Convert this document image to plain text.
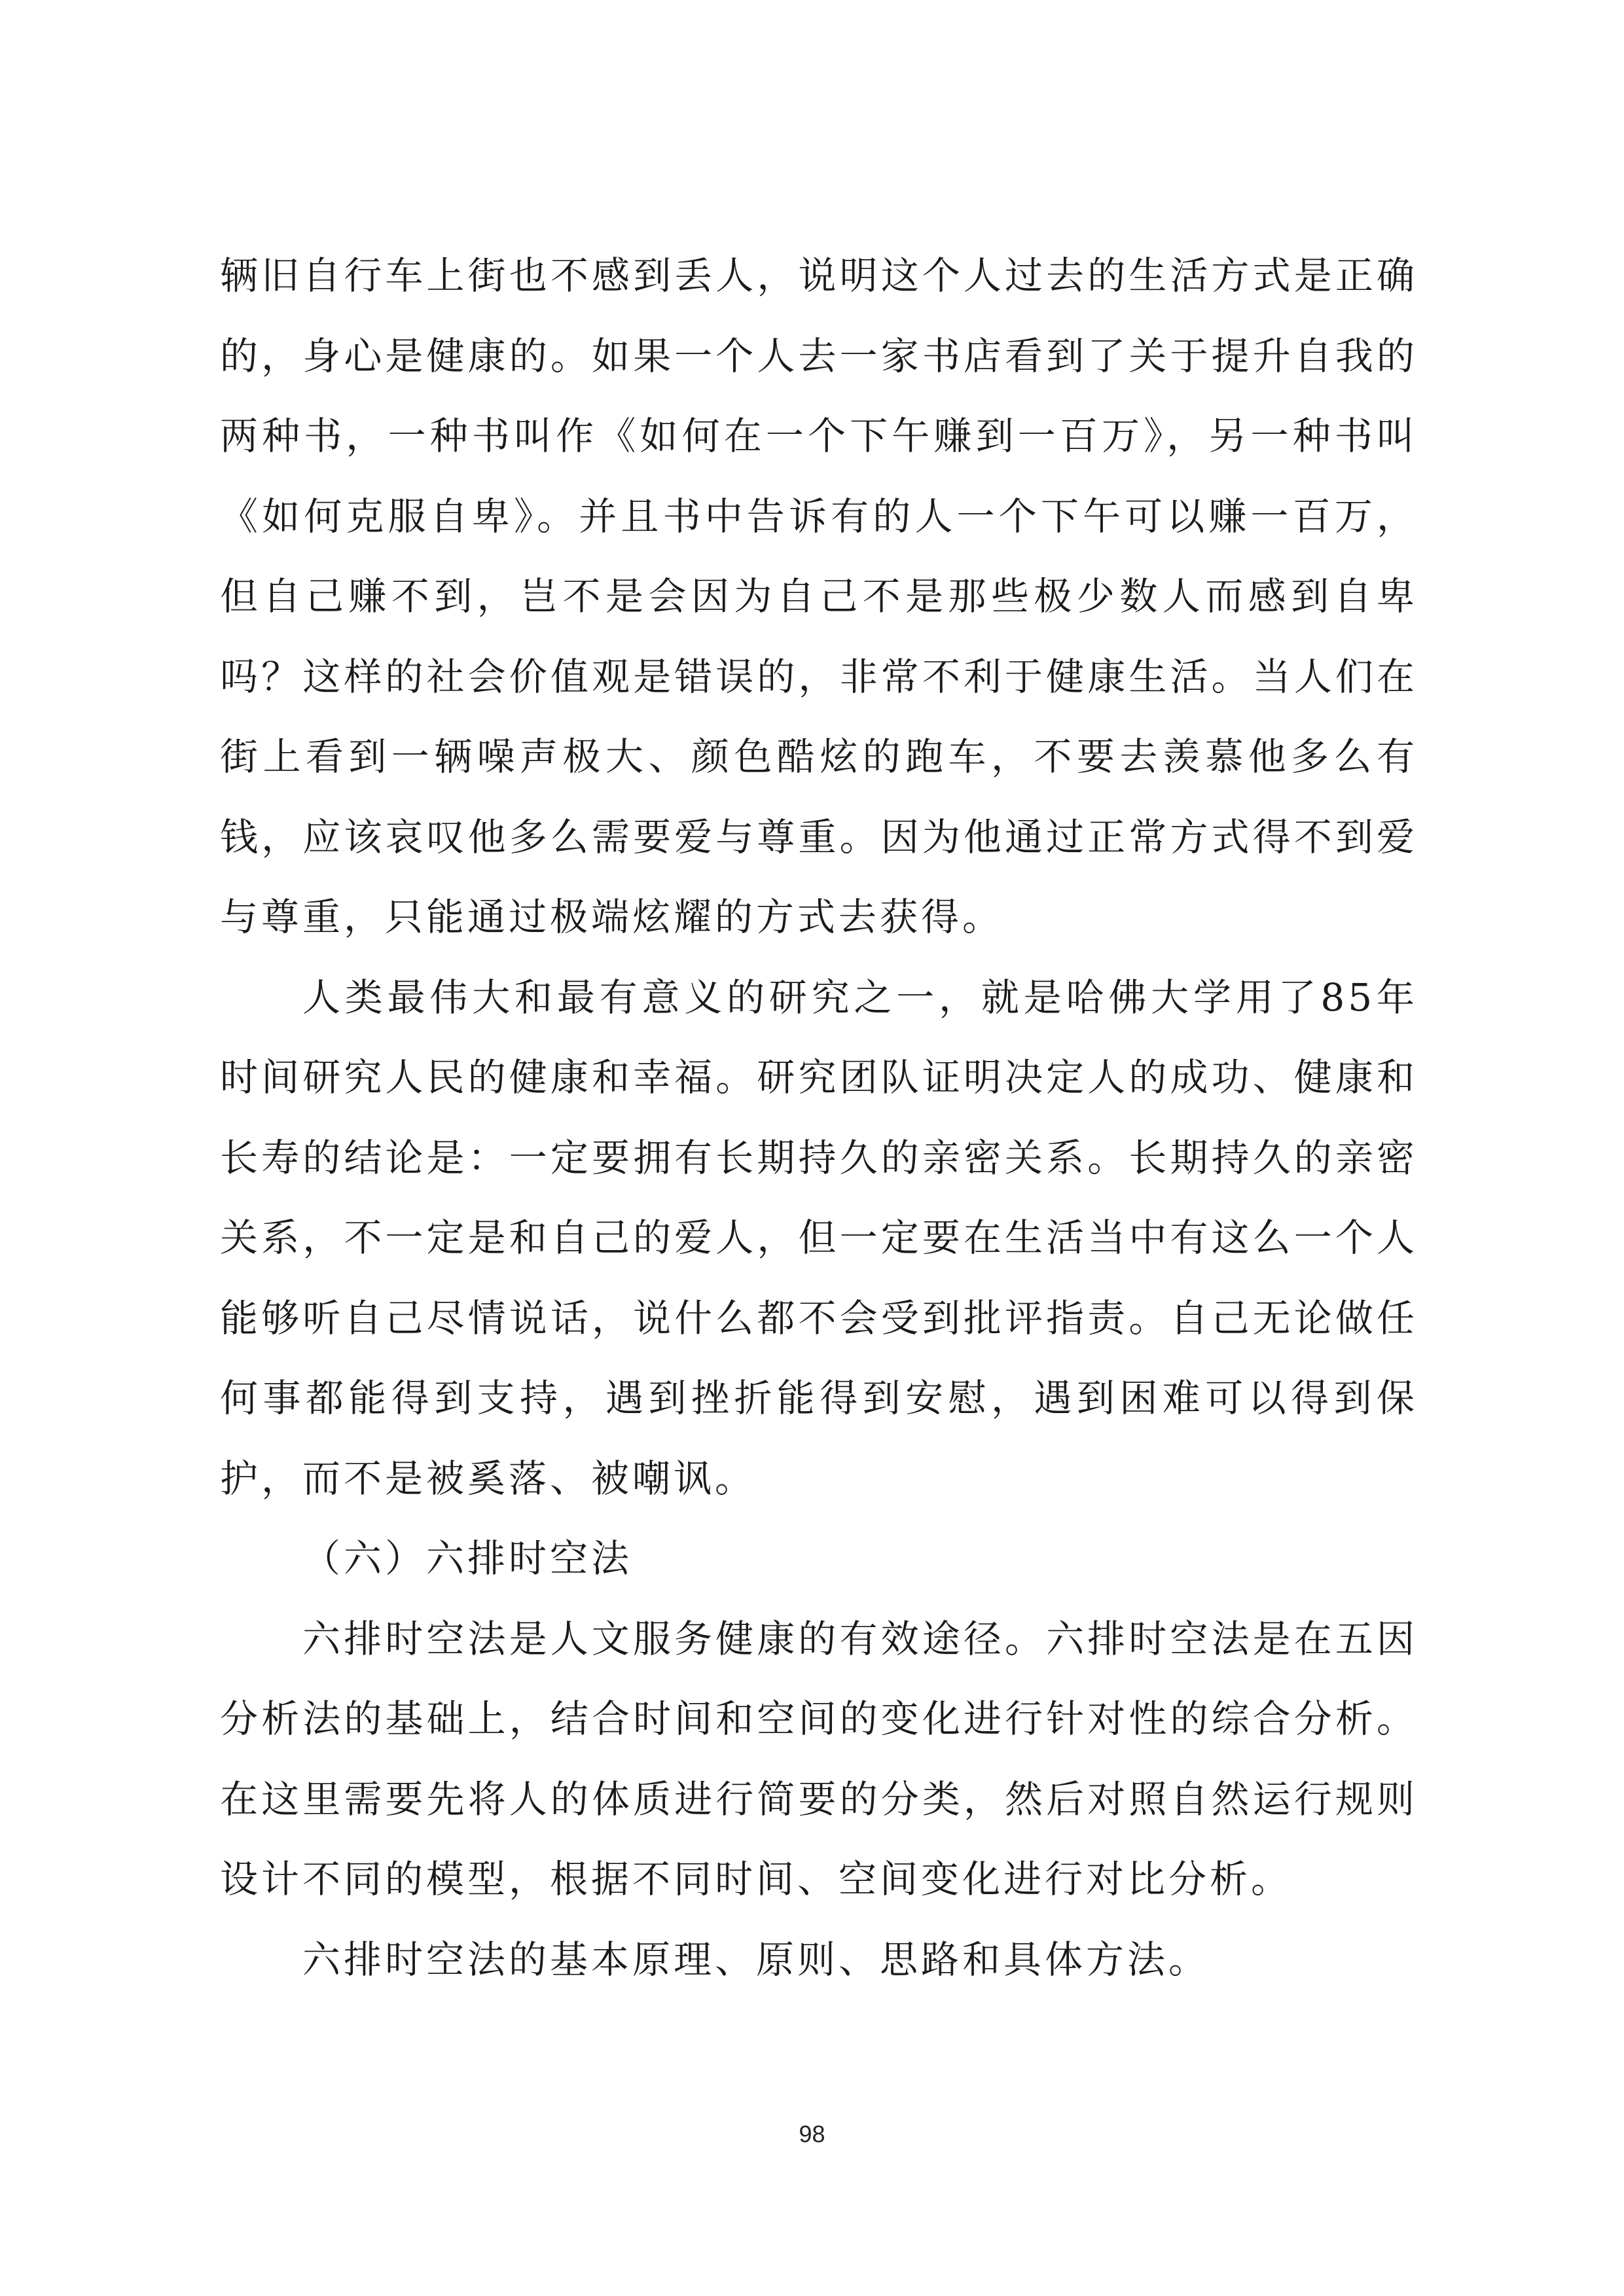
辆旧自行车上街也不感到丢人，说明这个人过去的生活方式是正确的，身心是健康的。如果一个人去一家书店看到了关于提升自我的两种书，一种书叫作《如何在一个下午赚到一百万》，另一种书叫《如何克服自卑》。并且书中告诉有的人一个下午可以赚一百万，但自己赚不到，岂不是会因为自己不是那些极少数人而感到自卑吗？这样的社会价值观是错误的，非常不利于健康生活。当人们在街上看到一辆噪声极大、颜色酷炫的跑车，不要去羡慕他多么有钱，应该哀叹他多么需要爱与尊重。因为他通过正常方式得不到爱与尊重，只能通过极端炫耀的方式去获得。

人类最伟大和最有意义的研究之一，就是哈佛大学用了85年时间研究人民的健康和幸福。研究团队证明决定人的成功、健康和长寿的结论是：一定要拥有长期持久的亲密关系。长期持久的亲密关系，不一定是和自己的爱人，但一定要在生活当中有这么一个人能够听自己尽情说话，说什么都不会受到批评指责。自己无论做任何事都能得到支持，遇到挫折能得到安慰，遇到困难可以得到保护，而不是被奚落、被嘲讽。

（六）六排时空法

六排时空法是人文服务健康的有效途径。六排时空法是在五因分析法的基础上，结合时间和空间的变化进行针对性的综合分析。在这里需要先将人的体质进行简要的分类，然后对照自然运行规则设计不同的模型，根据不同时间、空间变化进行对比分析。

六排时空法的基本原理、原则、思路和具体方法。

98
